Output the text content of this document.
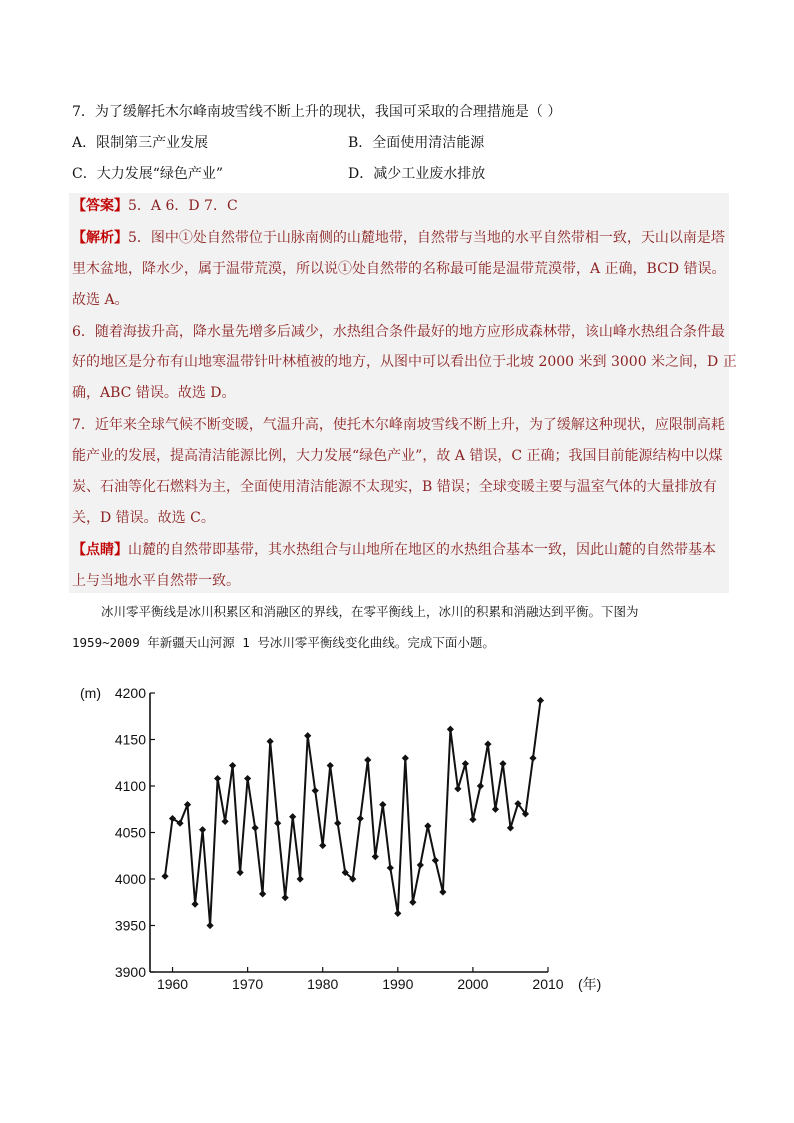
7．为了缓解托木尔峰南坡雪线不断上升的现状，我国可采取的合理措施是（ ）
A．限制第三产业发展	B．全面使用清洁能源
C．大力发展“绿色产业”	D．减少工业废水排放
【答案】5．A 6．D 7．C
【解析】5．图中①处自然带位于山脉南侧的山麓地带，自然带与当地的水平自然带相一致，天山以南是塔
里木盆地，降水少，属于温带荒漠，所以说①处自然带的名称最可能是温带荒漠带，A 正确，BCD 错误。
故选 A。
6．随着海拔升高，降水量先增多后减少，水热组合条件最好的地方应形成森林带，该山峰水热组合条件最
好的地区是分布有山地寒温带针叶林植被的地方，从图中可以看出位于北坡 2000 米到 3000 米之间，D 正
确，ABC 错误。故选 D。
7．近年来全球气候不断变暖，气温升高，使托木尔峰南坡雪线不断上升，为了缓解这种现状，应限制高耗
能产业的发展，提高清洁能源比例，大力发展“绿色产业”，故 A 错误，C 正确；我国目前能源结构中以煤
炭、石油等化石燃料为主，全面使用清洁能源不太现实，B 错误；全球变暖主要与温室气体的大量排放有
关，D 错误。故选 C。
【点睛】山麓的自然带即基带，其水热组合与山地所在地区的水热组合基本一致，因此山麓的自然带基本
上与当地水平自然带一致。
冰川零平衡线是冰川积累区和消融区的界线，在零平衡线上，冰川的积累和消融达到平衡。下图为
1959~2009 年新疆天山河源 1 号冰川零平衡线变化曲线。完成下面小题。
3900
3950
4000
4050
4100
4150
4200
(m)
1960	1970	1980	1990	2000	2010 (年)
